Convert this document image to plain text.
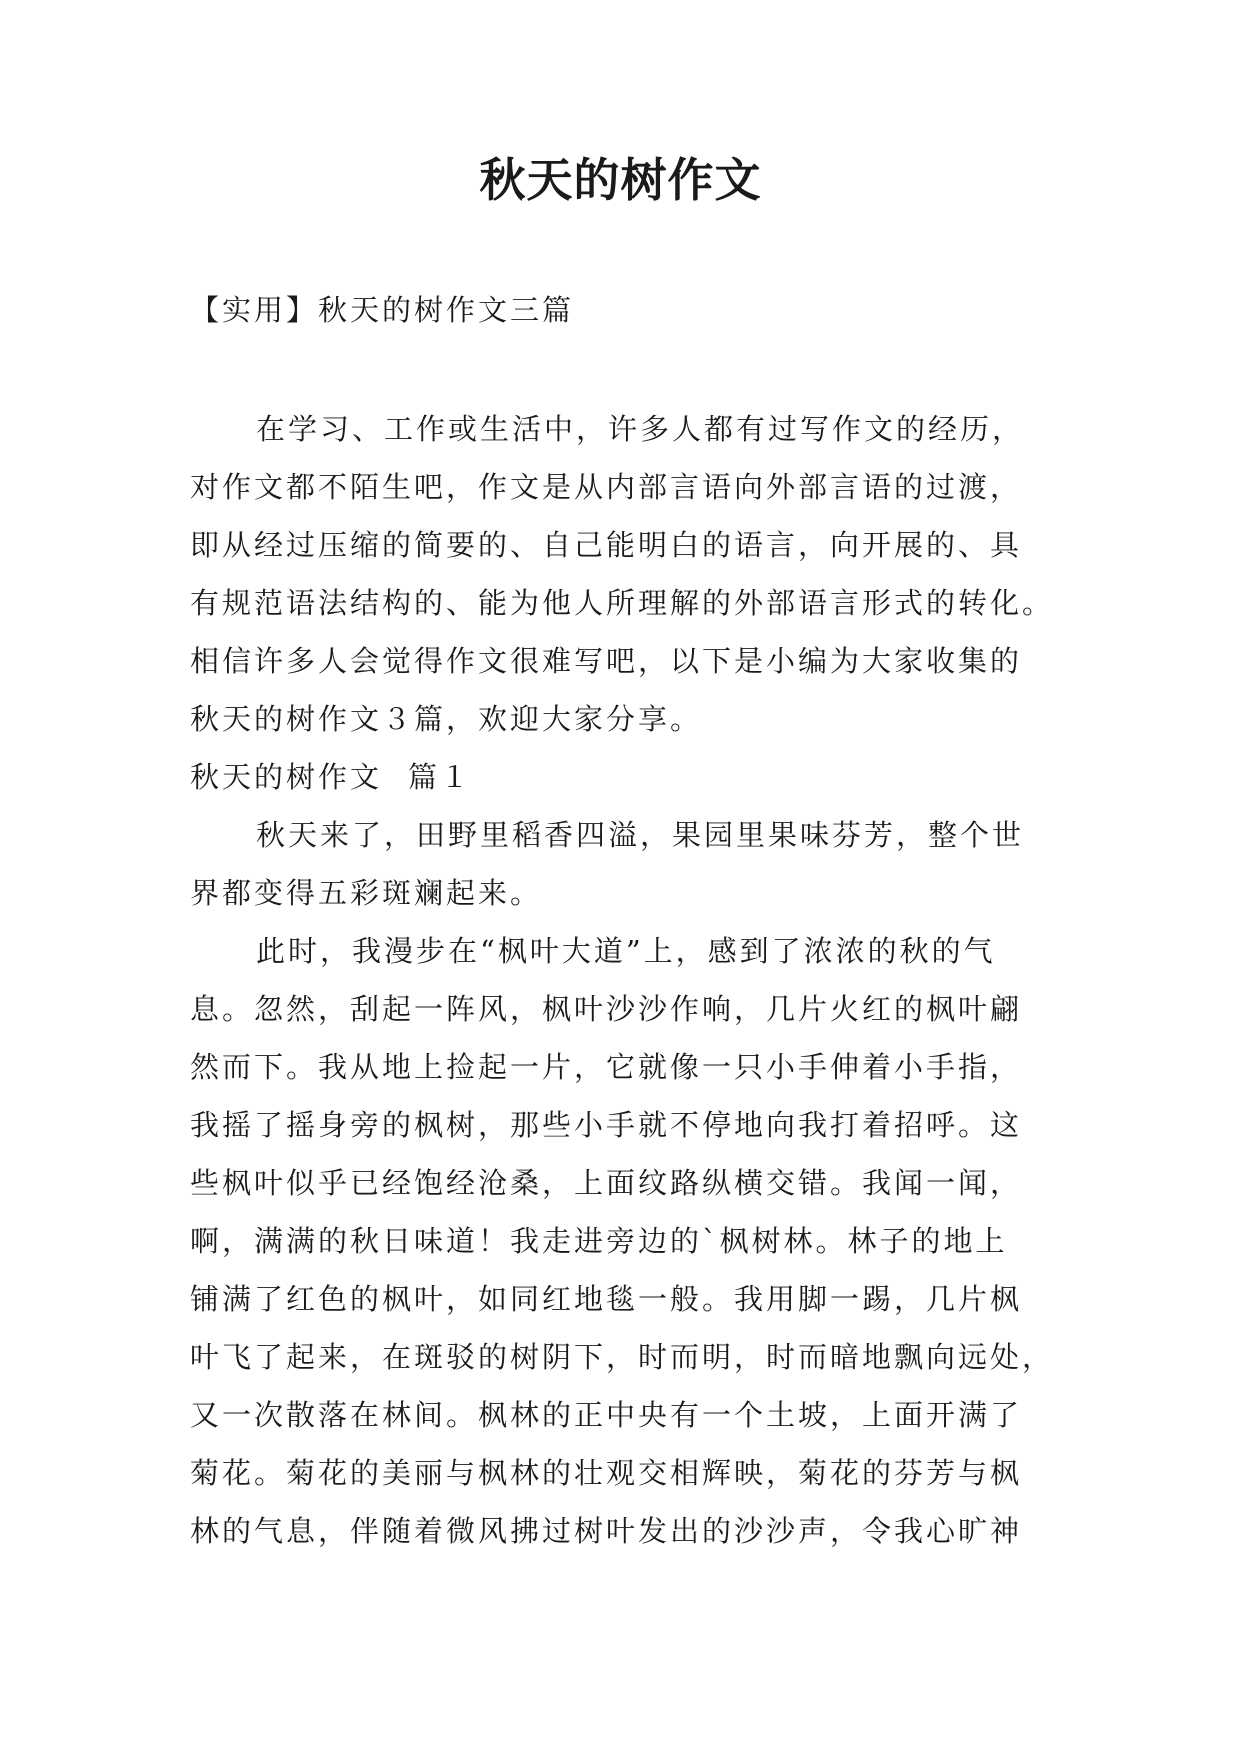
秋天的树作文
【实用】秋天的树作文三篇
在学习、工作或生活中，许多人都有过写作文的经历，
对作文都不陌生吧，作文是从内部言语向外部言语的过渡，
即从经过压缩的简要的、自己能明白的语言，向开展的、具
有规范语法结构的、能为他人所理解的外部语言形式的转化。
相信许多人会觉得作文很难写吧，以下是小编为大家收集的
秋天的树作文３篇，欢迎大家分享。
秋天的树作文 篇１
秋天来了，田野里稻香四溢，果园里果味芬芳，整个世
界都变得五彩斑斓起来。
此时，我漫步在“枫叶大道”上，感到了浓浓的秋的气
息。忽然，刮起一阵风，枫叶沙沙作响，几片火红的枫叶翩
然而下。我从地上捡起一片，它就像一只小手伸着小手指，
我摇了摇身旁的枫树，那些小手就不停地向我打着招呼。这
些枫叶似乎已经饱经沧桑，上面纹路纵横交错。我闻一闻，
啊，满满的秋日味道！我走进旁边的`枫树林。林子的地上
铺满了红色的枫叶，如同红地毯一般。我用脚一踢，几片枫
叶飞了起来，在斑驳的树阴下，时而明，时而暗地飘向远处，
又一次散落在林间。枫林的正中央有一个土坡，上面开满了
菊花。菊花的美丽与枫林的壮观交相辉映，菊花的芬芳与枫
林的气息，伴随着微风拂过树叶发出的沙沙声，令我心旷神
